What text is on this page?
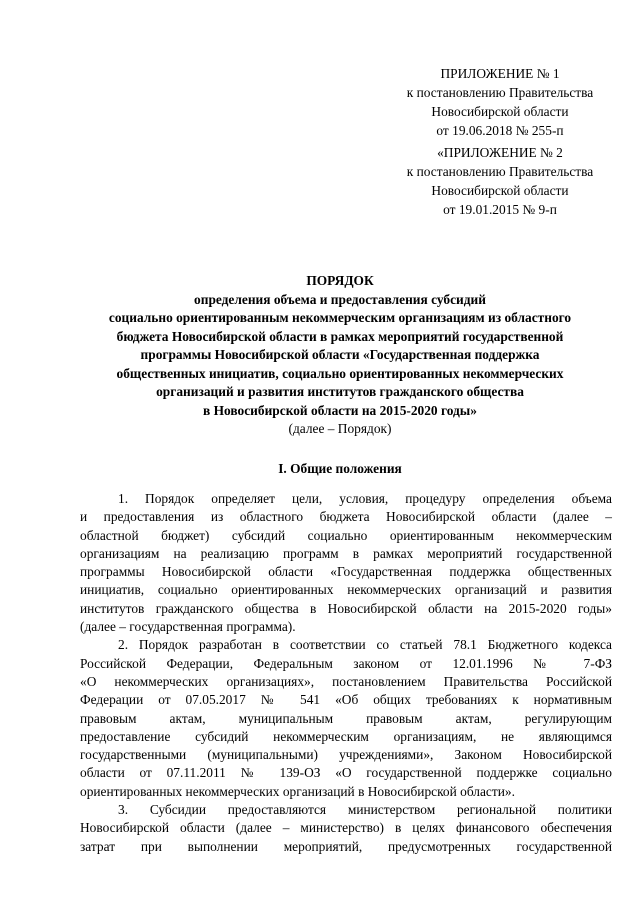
ПРИЛОЖЕНИЕ № 1
к постановлению Правительства
Новосибирской области
от 19.06.2018 № 255-п
«ПРИЛОЖЕНИЕ № 2
к постановлению Правительства
Новосибирской области
от 19.01.2015 № 9-п
ПОРЯДОК
определения объема и предоставления субсидий
социально ориентированным некоммерческим организациям из областного
бюджета Новосибирской области в рамках мероприятий государственной
программы Новосибирской области «Государственная поддержка
общественных инициатив, социально ориентированных некоммерческих
организаций и развития институтов гражданского общества
в Новосибирской области на 2015-2020 годы»
(далее – Порядок)
I. Общие положения

1. Порядок определяет цели, условия, процедуру определения объема

и предоставления из областного бюджета Новосибирской области (далее –

областной бюджет) субсидий социально ориентированным некоммерческим

организациям на реализацию программ в рамках мероприятий государственной

программы Новосибирской области «Государственная поддержка общественных

инициатив, социально ориентированных некоммерческих организаций и развития

институтов гражданского общества в Новосибирской области на 2015-2020 годы»

(далее – государственная программа).

2. Порядок разработан в соответствии со статьей 78.1 Бюджетного кодекса

Российской Федерации, Федеральным законом от 12.01.1996 № 7-ФЗ

«О некоммерческих организациях», постановлением Правительства Российской

Федерации от 07.05.2017 № 541 «Об общих требованиях к нормативным

правовым актам, муниципальным правовым актам, регулирующим

предоставление субсидий некоммерческим организациям, не являющимся

государственными (муниципальными) учреждениями», Законом Новосибирской

области от 07.11.2011 № 139-ОЗ «О государственной поддержке социально

ориентированных некоммерческих организаций в Новосибирской области».

3. Субсидии предоставляются министерством региональной политики

Новосибирской области (далее – министерство) в целях финансового обеспечения

затрат при выполнении мероприятий, предусмотренных государственной
